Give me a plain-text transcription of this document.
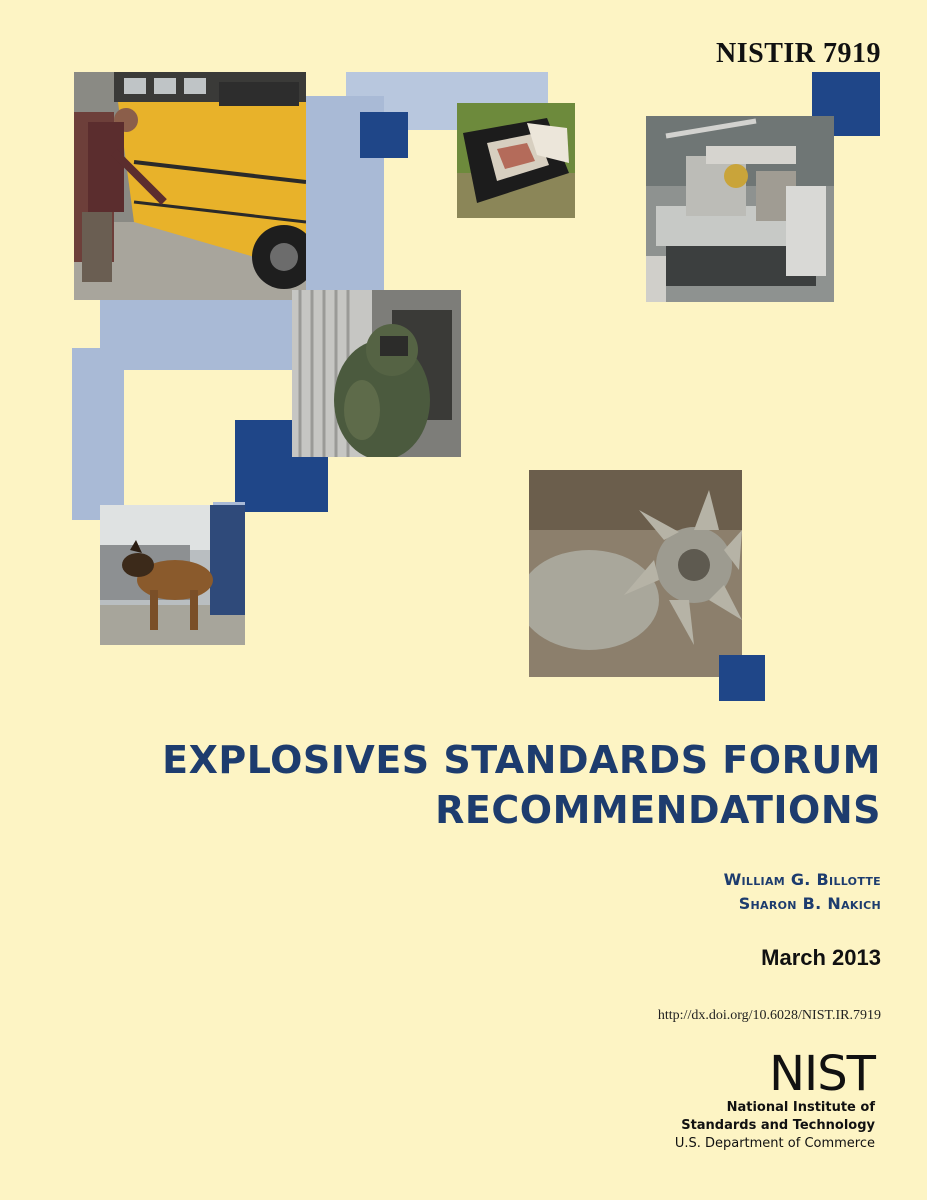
NISTIR 7919
EXPLOSIVES STANDARDS FORUM
RECOMMENDATIONS
William G. Billotte
Sharon B. Nakich
March 2013
http://dx.doi.org/10.6028/NIST.IR.7919
NIST
National Institute of
Standards and Technology
U.S. Department of Commerce
